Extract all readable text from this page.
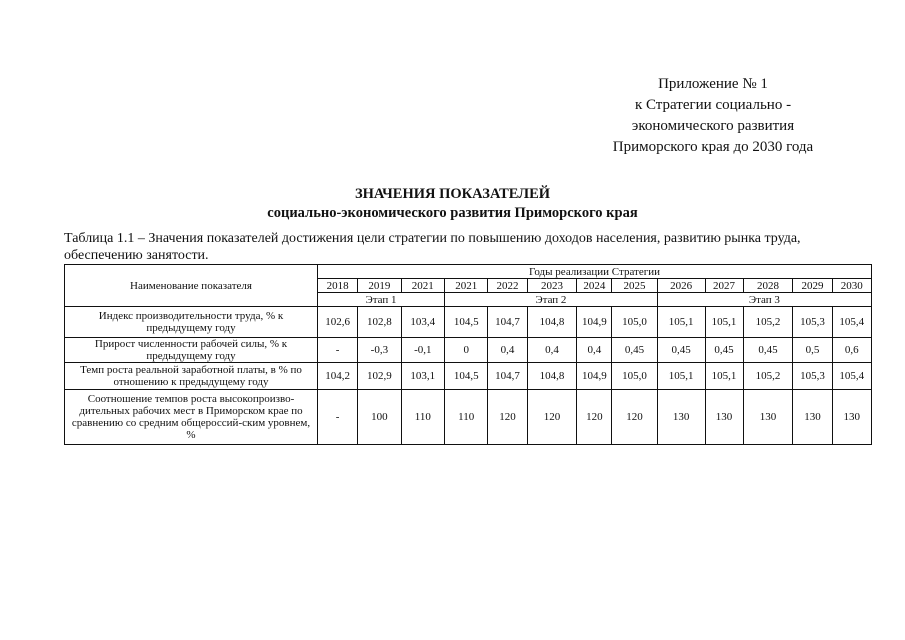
Приложение № 1
к Стратегии социально -
экономического развития
Приморского края до 2030 года
ЗНАЧЕНИЯ ПОКАЗАТЕЛЕЙ
социально-экономического развития Приморского края
Таблица 1.1 – Значения показателей достижения цели стратегии по повышению доходов населения, развитию рынка труда, обеспечению занятости.
Наименование показателя	Годы реализации Стратегии												
	2018	2019	2021	2021	2022	2023	2024	2025	2026	2027	2028	2029	2030
	Этап 1			Этап 2					Этап 3				
Индекс производительности труда, % к предыдущему году	102,6	102,8	103,4	104,5	104,7	104,8	104,9	105,0	105,1	105,1	105,2	105,3	105,4
Прирост численности рабочей силы, % к предыдущему году	-	-0,3	-0,1	0	0,4	0,4	0,4	0,45	0,45	0,45	0,45	0,5	0,6
Темп роста реальной заработной платы, в % по отношению к предыдущему году	104,2	102,9	103,1	104,5	104,7	104,8	104,9	105,0	105,1	105,1	105,2	105,3	105,4
Соотношение темпов роста высокопроизво-дительных рабочих мест в Приморском крае по сравнению со средним общероссий-ским уровнем, %	-	100	110	110	120	120	120	120	130	130	130	130	130
